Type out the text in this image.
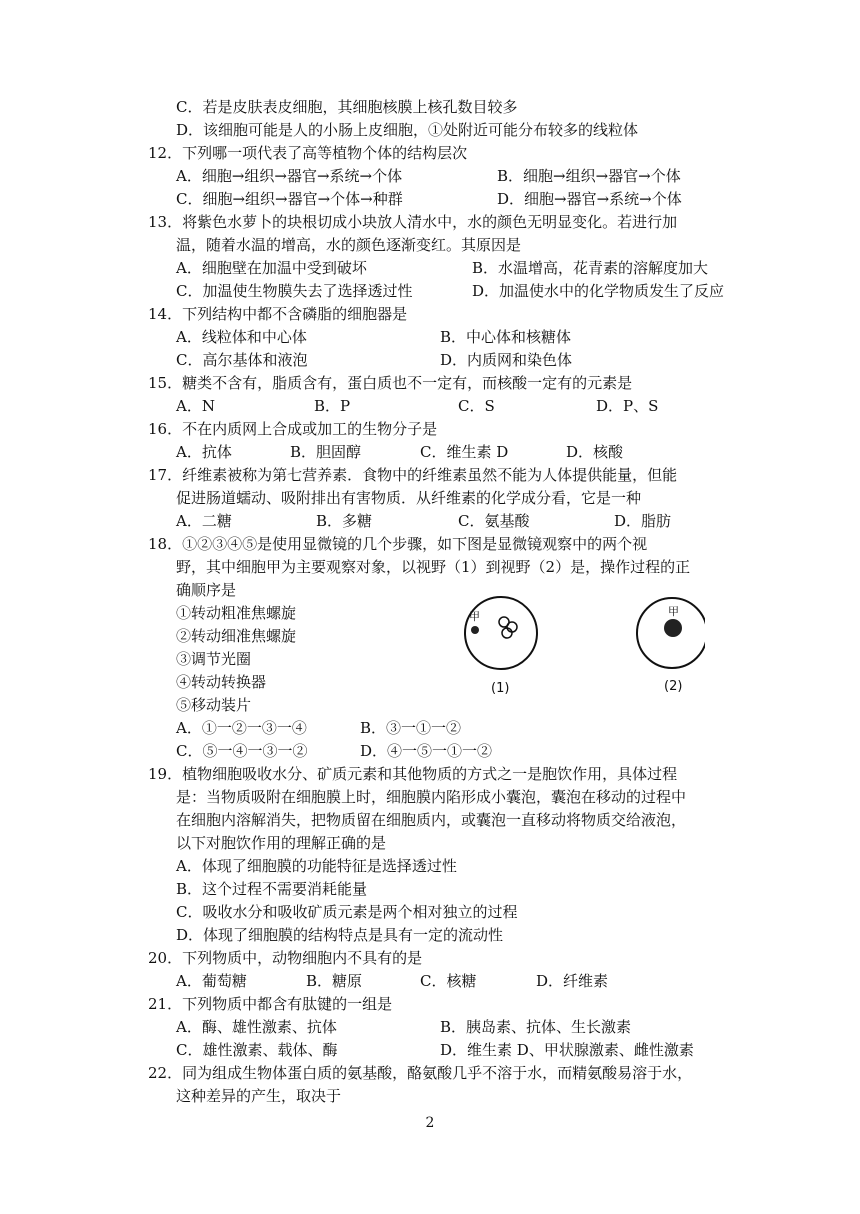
C．若是皮肤表皮细胞，其细胞核膜上核孔数目较多
D．该细胞可能是人的小肠上皮细胞，①处附近可能分布较多的线粒体
12．下列哪一项代表了高等植物个体的结构层次
A．细胞→组织→器官→系统→个体	B．细胞→组织→器官→个体
C．细胞→组织→器官→个体→种群	D．细胞→器官→系统→个体
13．将紫色水萝卜的块根切成小块放人清水中，水的颜色无明显变化。若进行加
温，随着水温的增高，水的颜色逐渐变红。其原因是
A．细胞壁在加温中受到破坏	B．水温增高，花青素的溶解度加大
C．加温使生物膜失去了选择透过性	D．加温使水中的化学物质发生了反应
14．下列结构中都不含磷脂的细胞器是
A．线粒体和中心体	B．中心体和核糖体
C．高尔基体和液泡	D．内质网和染色体
15．糖类不含有，脂质含有，蛋白质也不一定有，而核酸一定有的元素是
A．N	B．P	C．S	D．P、S
16．不在内质网上合成或加工的生物分子是
A．抗体	B．胆固醇	C．维生素 D	D．核酸
17．纤维素被称为第七营养素．食物中的纤维素虽然不能为人体提供能量，但能
促进肠道蠕动、吸附排出有害物质．从纤维素的化学成分看，它是一种
A．二糖	B．多糖	C．氨基酸	D．脂肪
18．①②③④⑤是使用显微镜的几个步骤，如下图是显微镜观察中的两个视
野，其中细胞甲为主要观察对象，以视野（1）到视野（2）是，操作过程的正
确顺序是
①转动粗准焦螺旋
②转动细准焦螺旋
③调节光圈
④转动转换器
⑤移动装片
甲
(1)
甲
(2)
A．①一②一③一④	B．③一①一②
C．⑤一④一③一②	D．④一⑤一①一②
19．植物细胞吸收水分、矿质元素和其他物质的方式之一是胞饮作用，具体过程
是：当物质吸附在细胞膜上时，细胞膜内陷形成小囊泡，囊泡在移动的过程中
在细胞内溶解消失，把物质留在细胞质内，或囊泡一直移动将物质交给液泡，
以下对胞饮作用的理解正确的是
A．体现了细胞膜的功能特征是选择透过性
B．这个过程不需要消耗能量
C．吸收水分和吸收矿质元素是两个相对独立的过程
D．体现了细胞膜的结构特点是具有一定的流动性
20．下列物质中，动物细胞内不具有的是
A．葡萄糖	B．糖原	C．核糖	D．纤维素
21．下列物质中都含有肽键的一组是
A．酶、雄性激素、抗体	B．胰岛素、抗体、生长激素
C．雄性激素、载体、酶	D．维生素 D、甲状腺激素、雌性激素
22．同为组成生物体蛋白质的氨基酸，酪氨酸几乎不溶于水，而精氨酸易溶于水，
这种差异的产生，取决于
2
